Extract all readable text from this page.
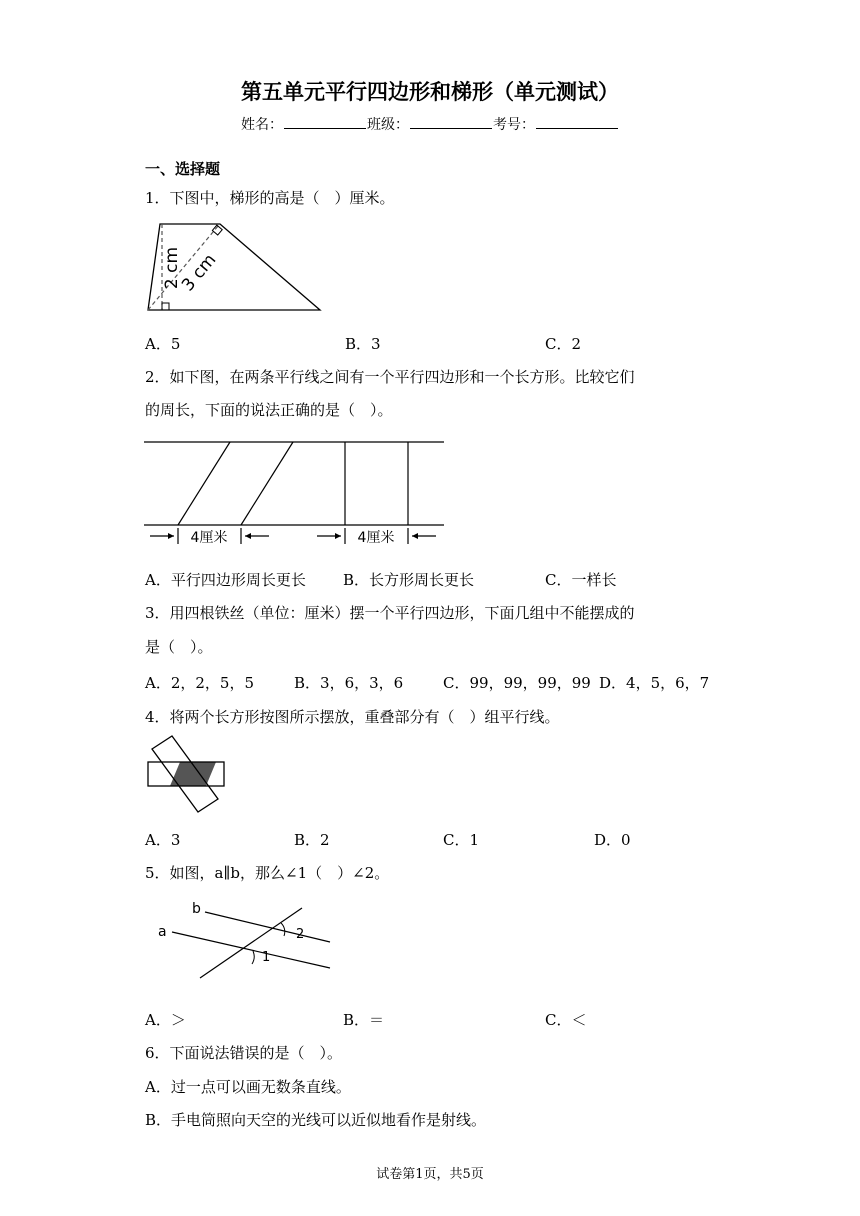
第五单元平行四边形和梯形（单元测试）
姓名：	班级：	考号：
一、选择题
1．下图中，梯形的高是（　）厘米。
2 cm
3 cm
A．5	B．3	C．2
2．如下图，在两条平行线之间有一个平行四边形和一个长方形。比较它们
的周长，下面的说法正确的是（　）。
4厘米	4厘米
A．平行四边形周长更长 B．长方形周长更长	C．一样长
3．用四根铁丝（单位：厘米）摆一个平行四边形，下面几组中不能摆成的
是（　）。
A．2，2，5，5	B．3，6，3，6	C．99，99，99，99 D．4，5，6，7
4．将两个长方形按图所示摆放，重叠部分有（　）组平行线。
A．3	B．2	C．1	D．0
5．如图，a∥b，那么∠1（　）∠2。
b
a	2
1
A．＞	B．＝	C．＜
6．下面说法错误的是（　）。
A．过一点可以画无数条直线。
B．手电筒照向天空的光线可以近似地看作是射线。
试卷第1页，共5页
